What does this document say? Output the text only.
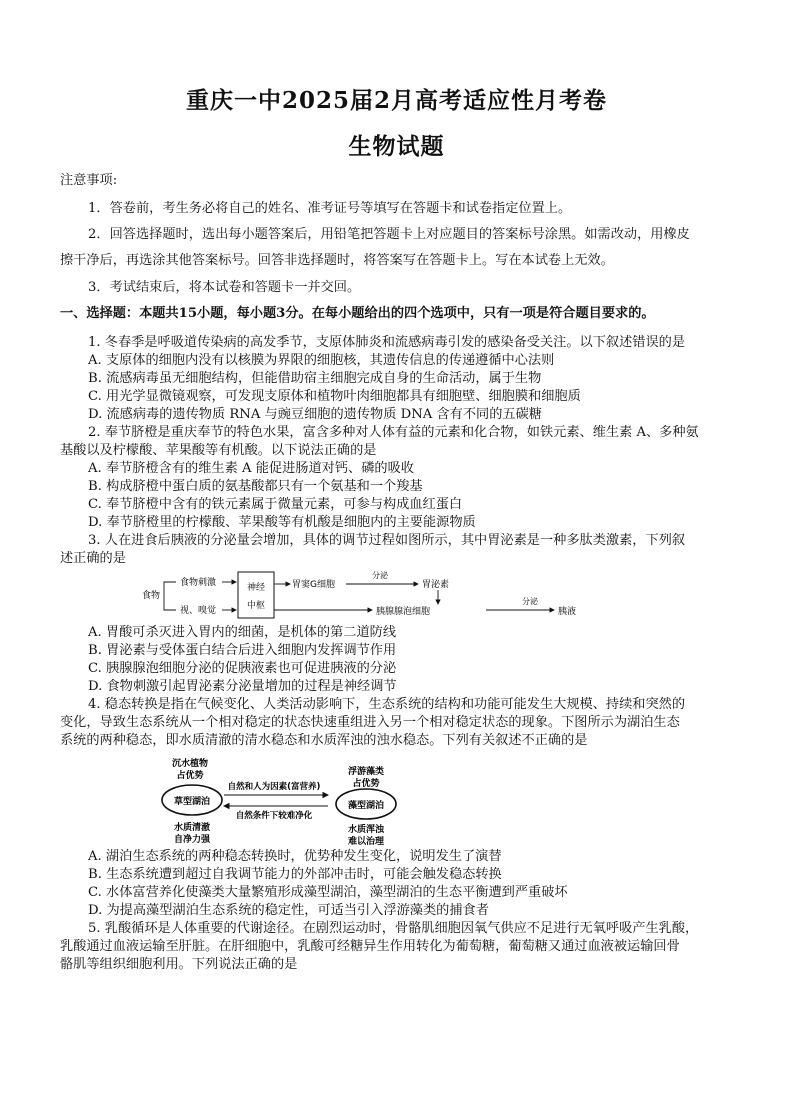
重庆一中2025届2月高考适应性月考卷
生物试题
注意事项:
1．答卷前，考生务必将自己的姓名、准考证号等填写在答题卡和试卷指定位置上。
2．回答选择题时，选出每小题答案后，用铅笔把答题卡上对应题目的答案标号涂黑。如需改动，用橡皮
擦干净后，再选涂其他答案标号。回答非选择题时，将答案写在答题卡上。写在本试卷上无效。
3．考试结束后，将本试卷和答题卡一并交回。
一、选择题：本题共15小题，每小题3分。在每小题给出的四个选项中，只有一项是符合题目要求的。
1. 冬春季是呼吸道传染病的高发季节，支原体肺炎和流感病毒引发的感染备受关注。以下叙述错误的是
A. 支原体的细胞内没有以核膜为界限的细胞核，其遗传信息的传递遵循中心法则
B. 流感病毒虽无细胞结构，但能借助宿主细胞完成自身的生命活动，属于生物
C. 用光学显微镜观察，可发现支原体和植物叶肉细胞都具有细胞壁、细胞膜和细胞质
D. 流感病毒的遗传物质 RNA 与豌豆细胞的遗传物质 DNA 含有不同的五碳糖
2. 奉节脐橙是重庆奉节的特色水果，富含多种对人体有益的元素和化合物，如铁元素、维生素 A、多种氨
基酸以及柠檬酸、苹果酸等有机酸。以下说法正确的是
A. 奉节脐橙含有的维生素 A 能促进肠道对钙、磷的吸收
B. 构成脐橙中蛋白质的氨基酸都只有一个氨基和一个羧基
C. 奉节脐橙中含有的铁元素属于微量元素，可参与构成血红蛋白
D. 奉节脐橙里的柠檬酸、苹果酸等有机酸是细胞内的主要能源物质
3. 人在进食后胰液的分泌量会增加，具体的调节过程如图所示，其中胃泌素是一种多肽类激素，下列叙
述正确的是
食物
食物刺激
视、嗅觉
神经
中枢
胃窦G细胞
分泌
胃泌素
胰腺腺泡细胞
分泌
胰液
A. 胃酸可杀灭进入胃内的细菌，是机体的第二道防线
B. 胃泌素与受体蛋白结合后进入细胞内发挥调节作用
C. 胰腺腺泡细胞分泌的促胰液素也可促进胰液的分泌
D. 食物刺激引起胃泌素分泌量增加的过程是神经调节
4. 稳态转换是指在气候变化、人类活动影响下，生态系统的结构和功能可能发生大规模、持续和突然的
变化，导致生态系统从一个相对稳定的状态快速重组进入另一个相对稳定状态的现象。下图所示为湖泊生态
系统的两种稳态，即水质清澈的清水稳态和水质浑浊的浊水稳态。下列有关叙述不正确的是
沉水植物
占优势
草型湖泊
水质清澈
自净力强
自然和人为因素(富营养)
自然条件下较难净化
浮游藻类
占优势
藻型湖泊
水质浑浊
难以治理
A. 湖泊生态系统的两种稳态转换时，优势种发生变化，说明发生了演替
B. 生态系统遭到超过自我调节能力的外部冲击时，可能会触发稳态转换
C. 水体富营养化使藻类大量繁殖形成藻型湖泊，藻型湖泊的生态平衡遭到严重破坏
D. 为提高藻型湖泊生态系统的稳定性，可适当引入浮游藻类的捕食者
5. 乳酸循环是人体重要的代谢途径。在剧烈运动时，骨骼肌细胞因氧气供应不足进行无氧呼吸产生乳酸，
乳酸通过血液运输至肝脏。在肝细胞中，乳酸可经糖异生作用转化为葡萄糖，葡萄糖又通过血液被运输回骨
骼肌等组织细胞利用。下列说法正确的是
